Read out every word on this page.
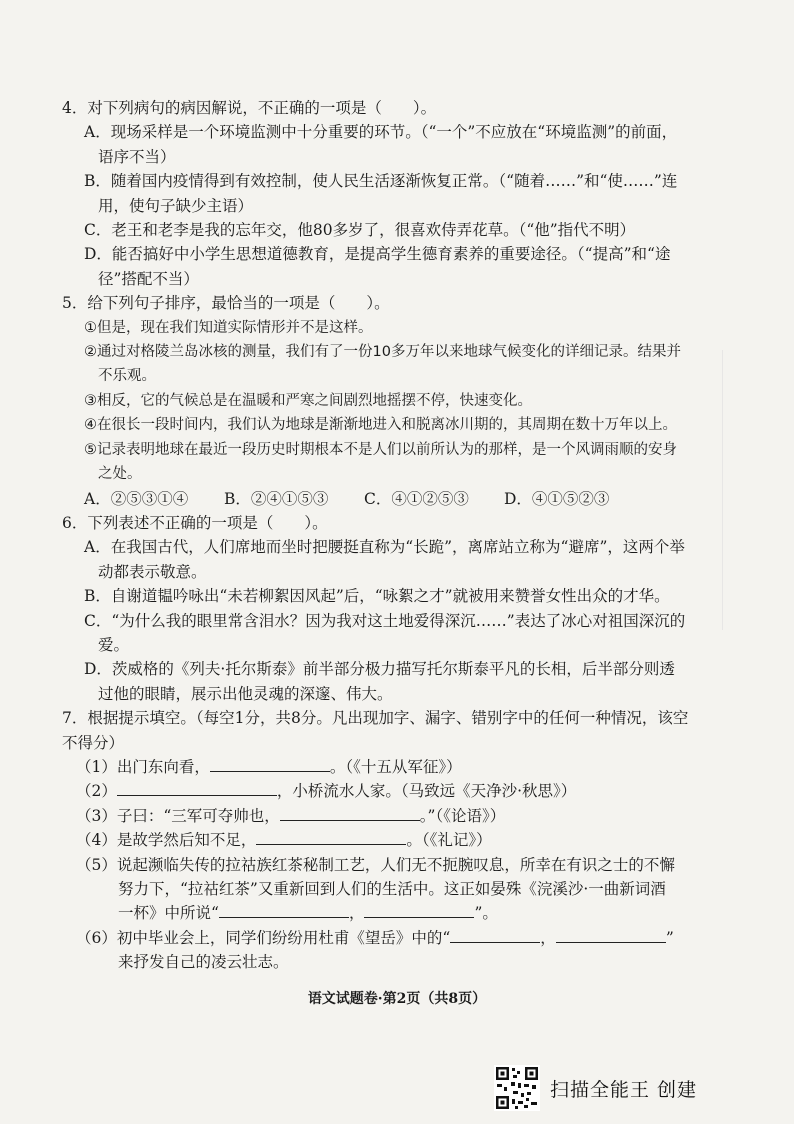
4．对下列病句的病因解说，不正确的一项是（　　）。

A．现场采样是一个环境监测中十分重要的环节。（“一个”不应放在“环境监测”的前面，语序不当）

B．随着国内疫情得到有效控制，使人民生活逐渐恢复正常。（“随着……”和“使……”连用，使句子缺少主语）

C．老王和老李是我的忘年交，他80多岁了，很喜欢侍弄花草。（“他”指代不明）

D．能否搞好中小学生思想道德教育，是提高学生德育素养的重要途径。（“提高”和“途径”搭配不当）

5．给下列句子排序，最恰当的一项是（　　）。

①但是，现在我们知道实际情形并不是这样。

②通过对格陵兰岛冰核的测量，我们有了一份10多万年以来地球气候变化的详细记录。结果并不乐观。

③相反，它的气候总是在温暖和严寒之间剧烈地摇摆不停，快速变化。

④在很长一段时间内，我们认为地球是渐渐地进入和脱离冰川期的，其周期在数十万年以上。

⑤记录表明地球在最近一段历史时期根本不是人们以前所认为的那样，是一个风调雨顺的安身之处。

A．②⑤③①④	B．②④①⑤③	C．④①②⑤③	D．④①⑤②③

6．下列表述不正确的一项是（　　）。

A．在我国古代，人们席地而坐时把腰挺直称为“长跪”，离席站立称为“避席”，这两个举动都表示敬意。

B．自谢道韫吟咏出“未若柳絮因风起”后，“咏絮之才”就被用来赞誉女性出众的才华。

C．“为什么我的眼里常含泪水？因为我对这土地爱得深沉……”表达了冰心对祖国深沉的爱。

D．茨威格的《列夫·托尔斯泰》前半部分极力描写托尔斯泰平凡的长相，后半部分则透过他的眼睛，展示出他灵魂的深邃、伟大。

7．根据提示填空。（每空1分，共8分。凡出现加字、漏字、错别字中的任何一种情况，该空不得分）

（1）出门东向看，	。（《十五从军征》）
（2）	，小桥流水人家。（马致远《天净沙·秋思》）
（3）子曰：“三军可夺帅也，	。”（《论语》）
（4）是故学然后知不足，	。（《礼记》）
（5）说起濒临失传的拉祜族红茶秘制工艺，人们无不扼腕叹息，所幸在有识之士的不懈
努力下，“拉祜红茶”又重新回到人们的生活中。这正如晏殊《浣溪沙·一曲新词酒
一杯》中所说“	，	”。
（6）初中毕业会上，同学们纷纷用杜甫《望岳》中的“	，	”
来抒发自己的凌云壮志。
语文试题卷·第2页（共8页）
扫描全能王 创建
